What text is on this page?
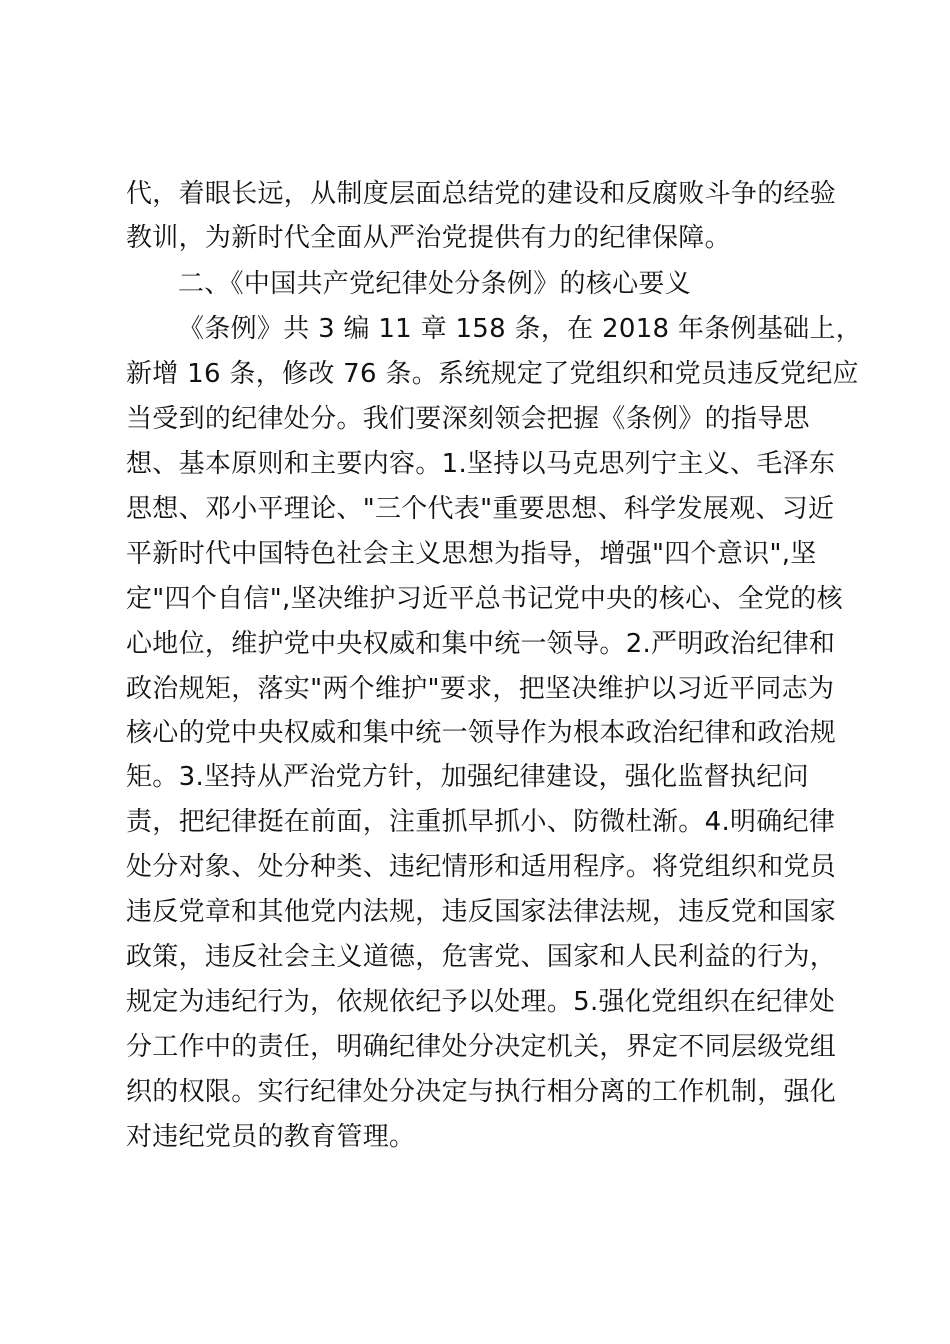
代，着眼长远，从制度层面总结党的建设和反腐败斗争的经验
教训，为新时代全面从严治党提供有力的纪律保障。
二、《中国共产党纪律处分条例》的核心要义
《条例》共 3 编 11 章 158 条，在 2018 年条例基础上，
新增 16 条，修改 76 条。系统规定了党组织和党员违反党纪应
当受到的纪律处分。我们要深刻领会把握《条例》的指导思
想、基本原则和主要内容。1.坚持以马克思列宁主义、毛泽东
思想、邓小平理论、"三个代表"重要思想、科学发展观、习近
平新时代中国特色社会主义思想为指导，增强"四个意识",坚
定"四个自信",坚决维护习近平总书记党中央的核心、全党的核
心地位，维护党中央权威和集中统一领导。2.严明政治纪律和
政治规矩，落实"两个维护"要求，把坚决维护以习近平同志为
核心的党中央权威和集中统一领导作为根本政治纪律和政治规
矩。3.坚持从严治党方针，加强纪律建设，强化监督执纪问
责，把纪律挺在前面，注重抓早抓小、防微杜渐。4.明确纪律
处分对象、处分种类、违纪情形和适用程序。将党组织和党员
违反党章和其他党内法规，违反国家法律法规，违反党和国家
政策，违反社会主义道德，危害党、国家和人民利益的行为，
规定为违纪行为，依规依纪予以处理。5.强化党组织在纪律处
分工作中的责任，明确纪律处分决定机关，界定不同层级党组
织的权限。实行纪律处分决定与执行相分离的工作机制，强化
对违纪党员的教育管理。
